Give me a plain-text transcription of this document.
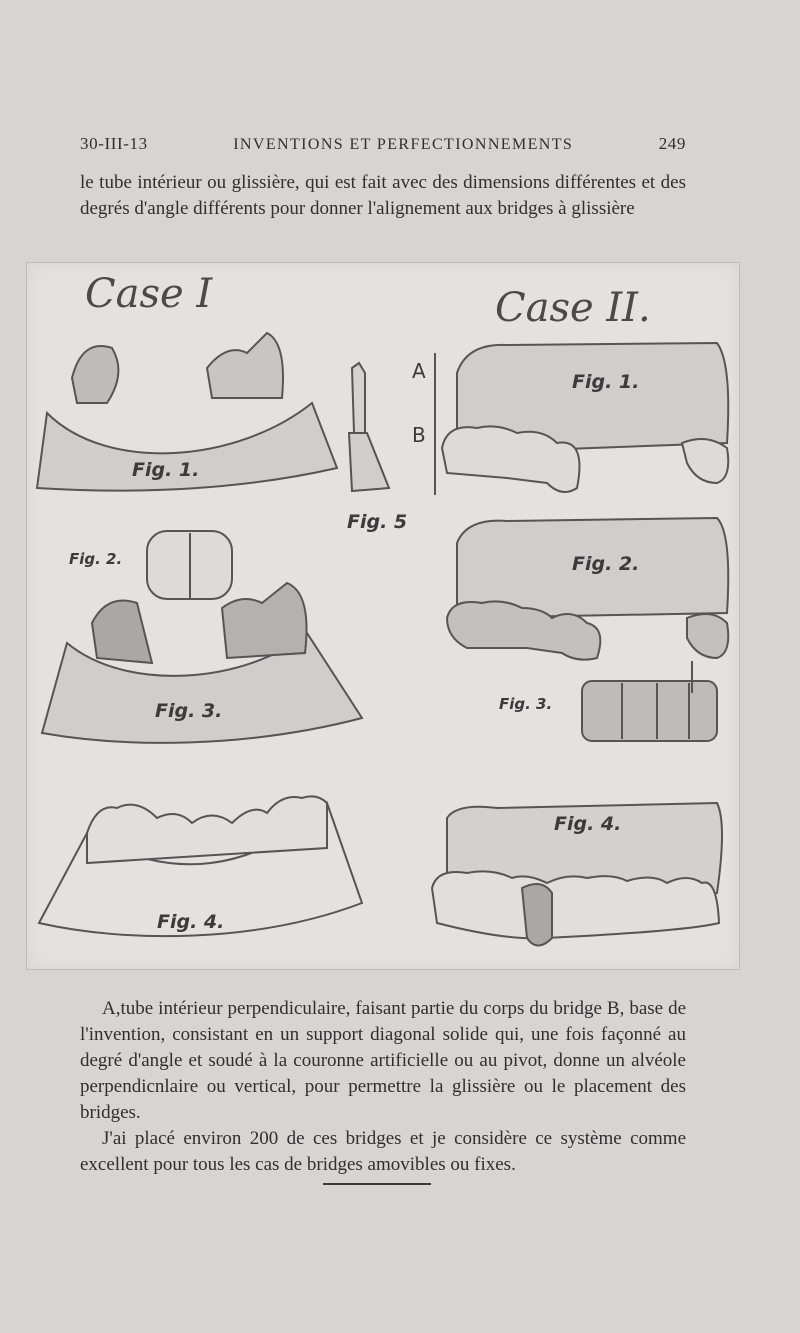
30-III-13	INVENTIONS ET PERFECTIONNEMENTS	249
le tube intérieur ou glissière, qui est fait avec des dimensions différentes et des degrés d'angle différents pour donner l'alignement aux bridges à glissière
Case I	Case II.
Fig. 1.
Fig. 2.
Fig. 3.
Fig. 4.
Fig. 5
A
B
Fig. 1.
Fig. 2.
Fig. 3.
Fig. 4.

A,tube intérieur perpendiculaire, faisant partie du corps du bridge B, base de l'invention, consistant en un support diagonal solide qui, une fois façonné au degré d'angle et soudé à la couronne artificielle ou au pivot, donne un alvéole perpendicnlaire ou vertical, pour permettre la glissière ou le placement des bridges.

J'ai placé environ 200 de ces bridges et je considère ce système comme excellent pour tous les cas de bridges amovibles ou fixes.
